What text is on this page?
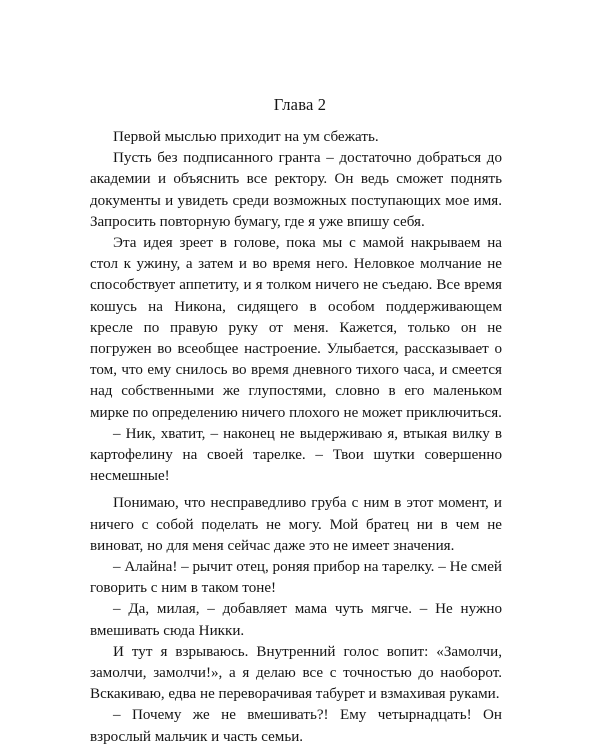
Глава 2

Первой мыслью приходит на ум сбежать.

Пусть без подписанного гранта – достаточно добраться до академии и объяснить все ректору. Он ведь сможет поднять документы и увидеть среди возможных поступающих мое имя. Запросить повторную бумагу, где я уже впишу себя.

Эта идея зреет в голове, пока мы с мамой накрываем на стол к ужину, а затем и во время него. Неловкое молчание не способствует аппетиту, и я толком ничего не съедаю. Все время кошусь на Никона, сидящего в особом поддерживающем кресле по правую руку от меня. Кажется, только он не погружен во всеобщее настроение. Улыбается, рассказывает о том, что ему снилось во время дневного тихого часа, и смеется над собственными же глупостями, словно в его маленьком мирке по определению ничего плохого не может приключиться.

– Ник, хватит, – наконец не выдерживаю я, втыкая вилку в картофелину на своей тарелке. – Твои шутки совершенно несмешные!

Понимаю, что несправедливо груба с ним в этот момент, и ничего с собой поделать не могу. Мой братец ни в чем не виноват, но для меня сейчас даже это не имеет значения.

– Алайна! – рычит отец, роняя прибор на тарелку. – Не смей говорить с ним в таком тоне!

– Да, милая, – добавляет мама чуть мягче. – Не нужно вмешивать сюда Никки.

И тут я взрываюсь. Внутренний голос вопит: «Замолчи, замолчи, замолчи!», а я делаю все с точностью до наоборот. Вскакиваю, едва не переворачивая табурет и взмахивая руками.

– Почему же не вмешивать?! Ему четырнадцать! Он взрослый мальчик и часть семьи.
